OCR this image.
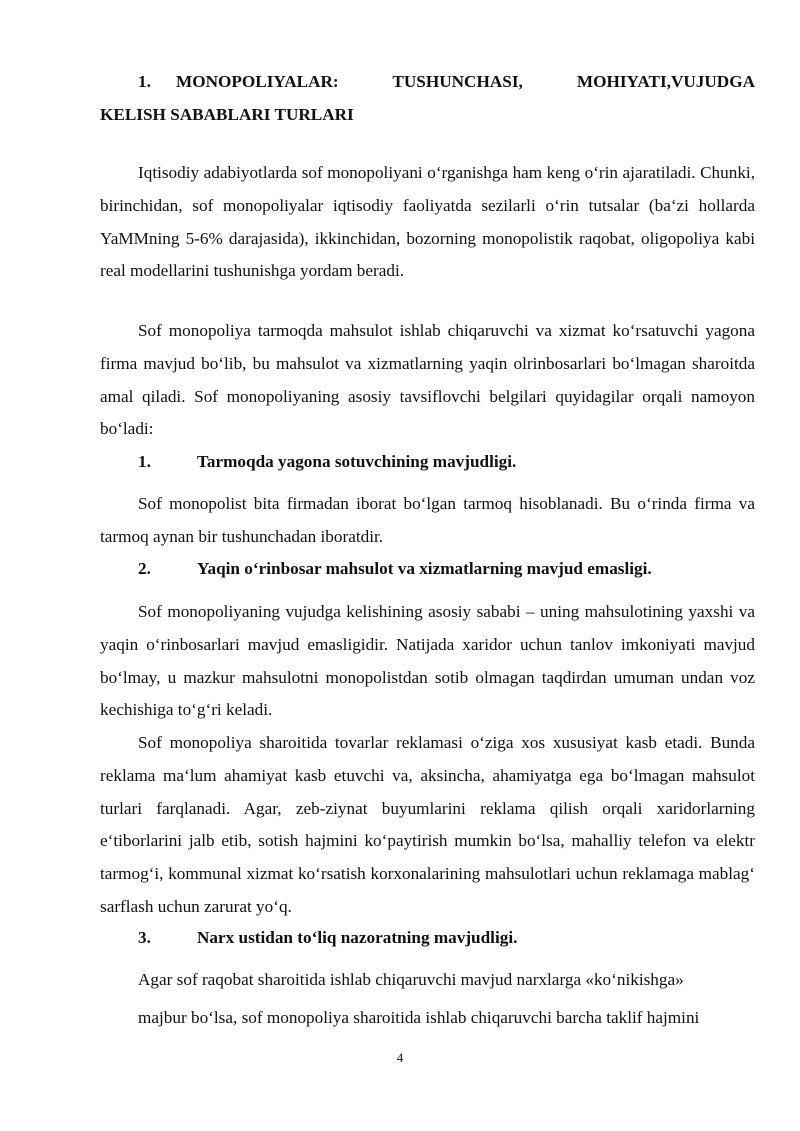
1. MONOPOLIYALAR: TUSHUNCHASI, MOHIYATI,VUJUDGA
KELISH SABABLARI TURLARI

Iqtisodiy adabiyotlarda sof monopoliyani o‘rganishga ham keng o‘rin ajaratiladi. Chunki, birinchidan, sof monopoliyalar iqtisodiy faoliyatda sezilarli o‘rin tutsalar (ba‘zi hollarda YaMMning 5-6% darajasida), ikkinchidan, bozorning monopolistik raqobat, oligopoliya kabi real modellarini tushunishga yordam beradi.

Sof monopoliya tarmoqda mahsulot ishlab chiqaruvchi va xizmat ko‘rsatuvchi yagona firma mavjud bo‘lib, bu mahsulot va xizmatlarning yaqin olrinbosarlari bo‘lmagan sharoitda amal qiladi. Sof monopoliyaning asosiy tavsiflovchi belgilari quyidagilar orqali namoyon bo‘ladi:

1.	Tarmoqda yagona sotuvchining mavjudligi.

Sof monopolist bita firmadan iborat bo‘lgan tarmoq hisoblanadi. Bu o‘rinda firma va tarmoq aynan bir tushunchadan iboratdir.

2.	Yaqin o‘rinbosar mahsulot va xizmatlarning mavjud emasligi.

Sof monopoliyaning vujudga kelishining asosiy sababi – uning mahsulotining yaxshi va yaqin o‘rinbosarlari mavjud emasligidir. Natijada xaridor uchun tanlov imkoniyati mavjud bo‘lmay, u mazkur mahsulotni monopolistdan sotib olmagan taqdirdan umuman undan voz kechishiga to‘g‘ri keladi.

Sof monopoliya sharoitida tovarlar reklamasi o‘ziga xos xususiyat kasb etadi. Bunda reklama ma‘lum ahamiyat kasb etuvchi va, aksincha, ahamiyatga ega bo‘lmagan mahsulot turlari farqlanadi. Agar, zeb-ziynat buyumlarini reklama qilish orqali xaridorlarning e‘tiborlarini jalb etib, sotish hajmini ko‘paytirish mumkin bo‘lsa, mahalliy telefon va elektr tarmog‘i, kommunal xizmat ko‘rsatish korxonalarining mahsulotlari uchun reklamaga mablag‘ sarflash uchun zarurat yo‘q.

3.	Narx ustidan to‘liq nazoratning mavjudligi.
Agar sof raqobat sharoitida ishlab chiqaruvchi mavjud narxlarga «ko‘nikishga»
majbur bo‘lsa, sof monopoliya sharoitida ishlab chiqaruvchi barcha taklif hajmini
4
